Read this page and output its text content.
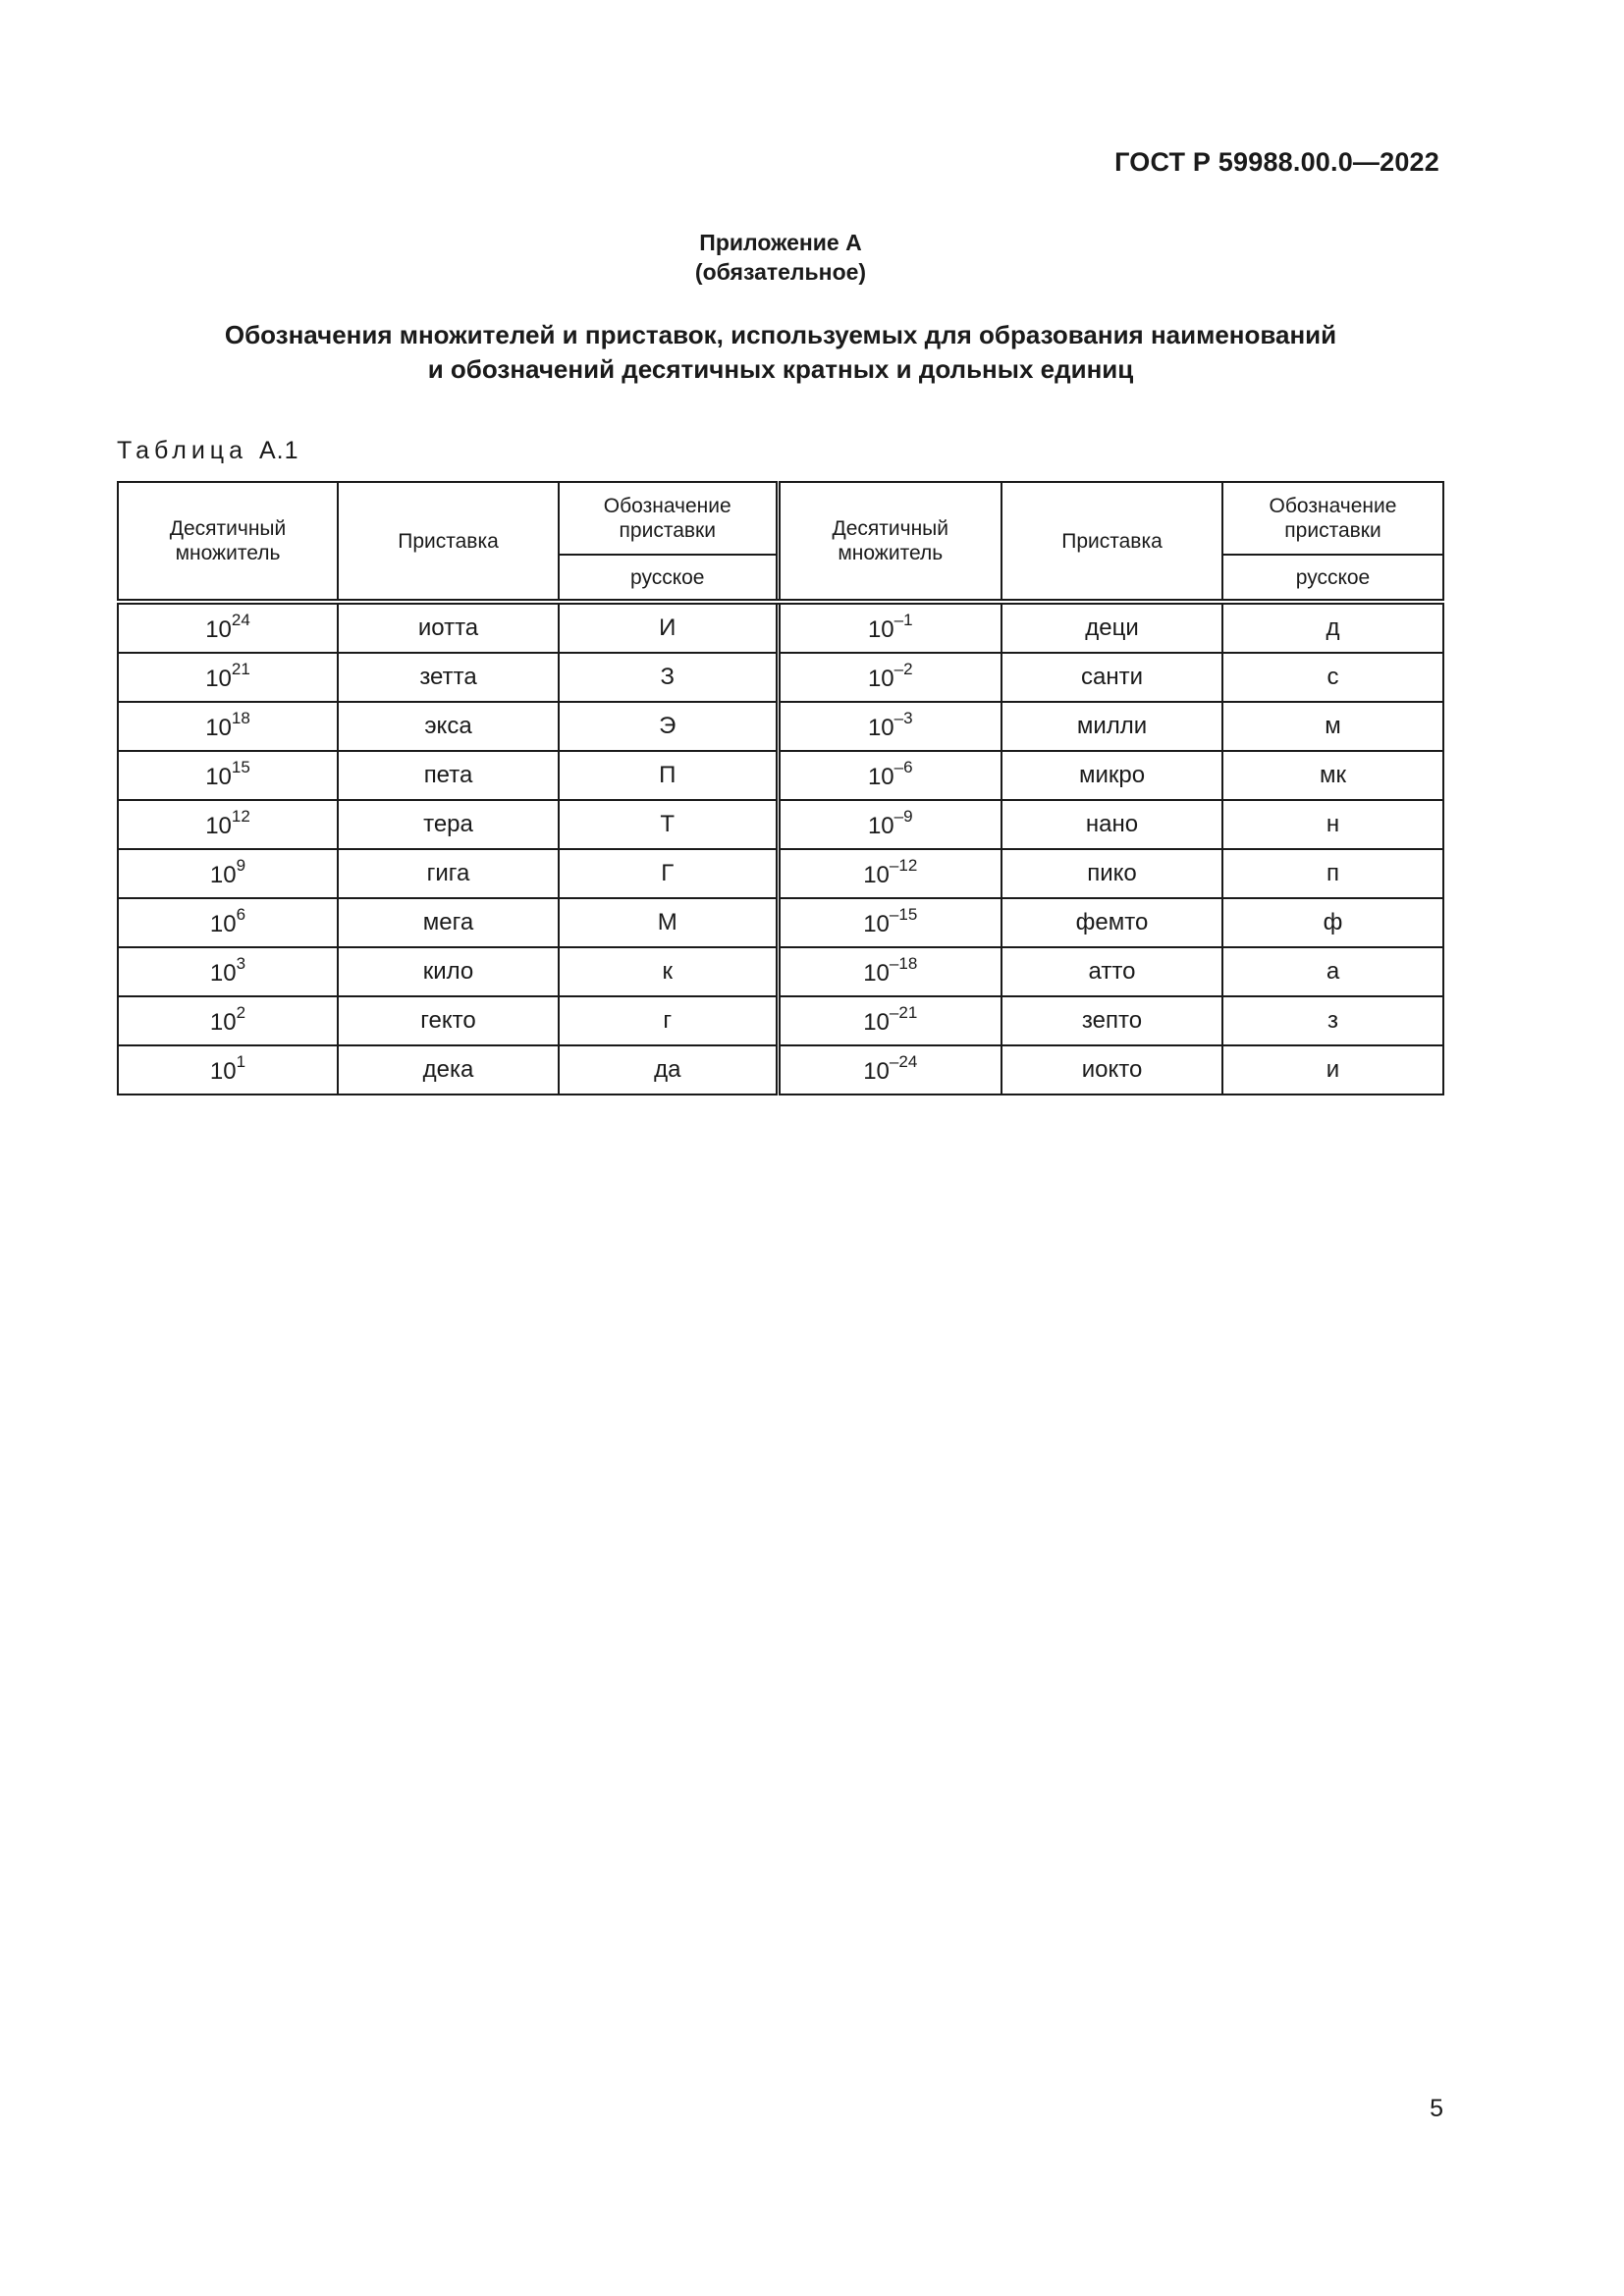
ГОСТ Р 59988.00.0—2022
Приложение А
(обязательное)
Обозначения множителей и приставок, используемых для образования наименований
и обозначений десятичных кратных и дольных единиц
Таблица А.1
Десятичный множитель	Приставка	Обозначение приставки	Десятичный множитель	Приставка	Обозначение приставки
		русское			русское
$10^{24}$	иотта	И	$10^{-1}$	деци	д
$10^{21}$	зетта	З	$10^{-2}$	санти	с
$10^{18}$	экса	Э	$10^{-3}$	милли	м
$10^{15}$	пета	П	$10^{-6}$	микро	мк
$10^{12}$	тера	Т	$10^{-9}$	нано	н
$10^9$	гига	Г	$10^{-12}$	пико	п
$10^6$	мега	М	$10^{-15}$	фемто	ф
$10^3$	кило	к	$10^{-18}$	атто	а
$10^2$	гекто	г	$10^{-21}$	зепто	з
$10^1$	дека	да	$10^{-24}$	иокто	и
5
